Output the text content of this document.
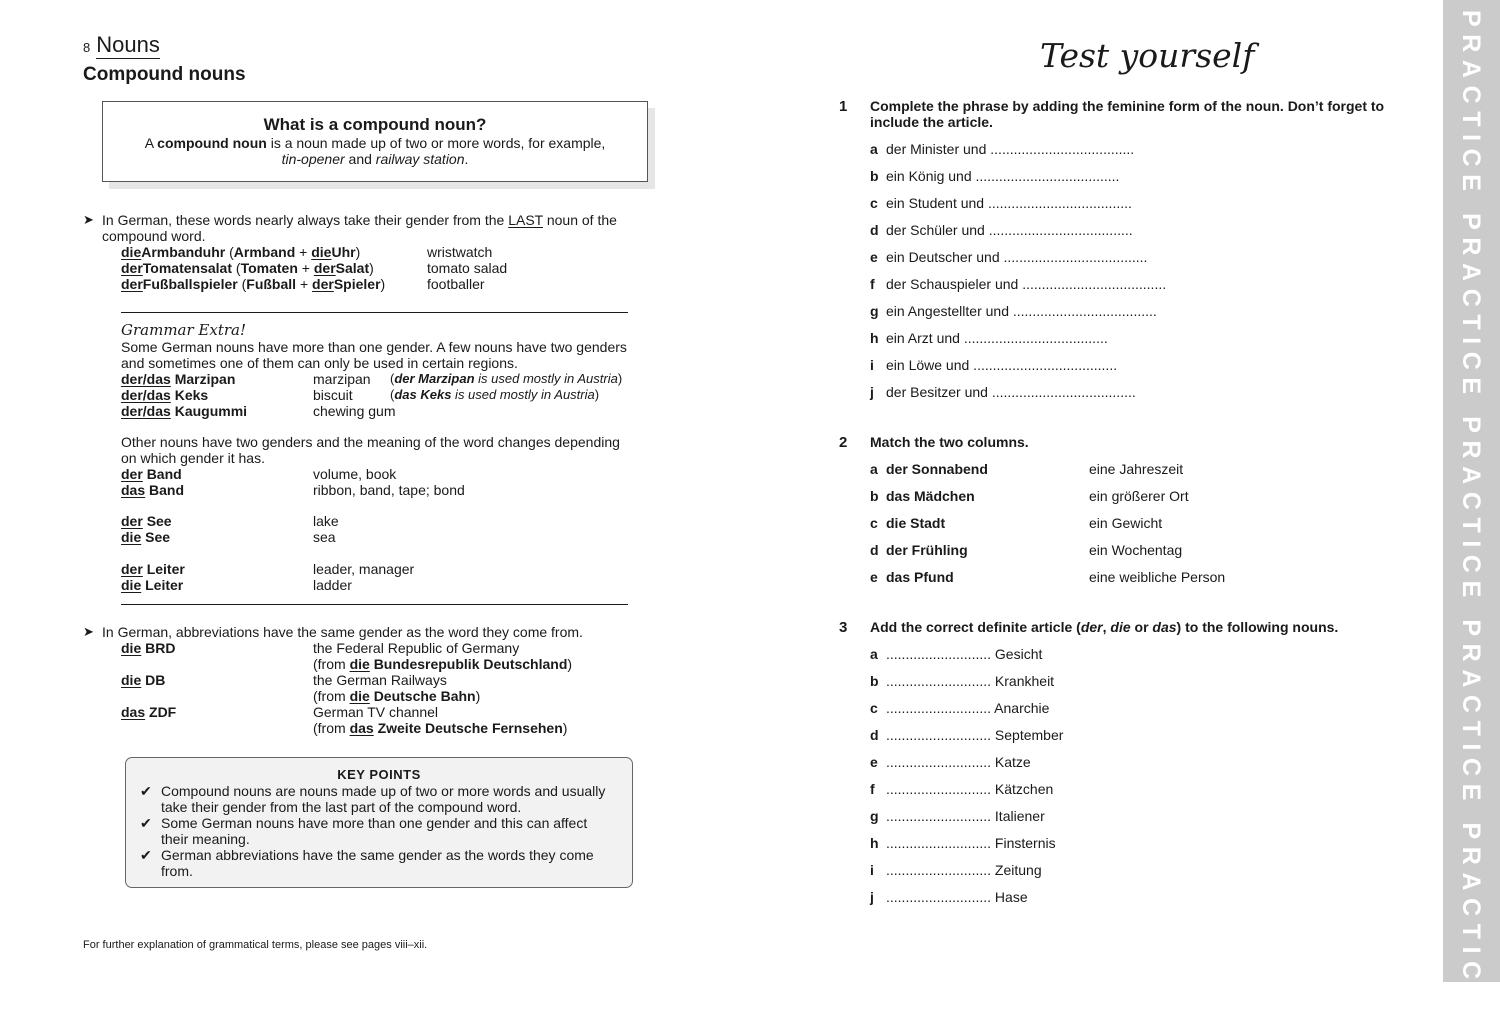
8 Nouns
Compound nouns
What is a compound noun?
A compound noun is a noun made up of two or more words, for example,
tin-opener and railway station.
➤ In German, these words nearly always take their gender from the LAST noun of the
compound word.
dieArmbanduhr (Armband + dieUhr)	wristwatch
derTomatensalat (Tomaten + derSalat)	tomato salad
derFußballspieler (Fußball + derSpieler)	footballer
Grammar Extra!
Some German nouns have more than one gender. A few nouns have two genders
and sometimes one of them can only be used in certain regions.
der/das Marzipan	marzipan (der Marzipan is used mostly in Austria)
der/das Keks	biscuit	(das Keks is used mostly in Austria)
der/das Kaugummi	chewing gum
Other nouns have two genders and the meaning of the word changes depending
on which gender it has.
der Band	volume, book
das Band	ribbon, band, tape; bond
der See	lake
die See	sea
der Leiter	leader, manager
die Leiter	ladder
➤ In German, abbreviations have the same gender as the word they come from.
die BRD	the Federal Republic of Germany
(from die Bundesrepublik Deutschland)
die DB	the German Railways
(from die Deutsche Bahn)
das ZDF	German TV channel
(from das Zweite Deutsche Fernsehen)
KEY POINTS
✔ Compound nouns are nouns made up of two or more words and usually
take their gender from the last part of the compound word.
✔ Some German nouns have more than one gender and this can affect
their meaning.
✔ German abbreviations have the same gender as the words they come
from.
For further explanation of grammatical terms, please see pages viii–xii.
Test yourself
1 Complete the phrase by adding the feminine form of the noun. Don’t forget to
include the article.
a der Minister und .....................................
b ein König und .....................................
c ein Student und .....................................
d der Schüler und .....................................
e ein Deutscher und .....................................
f der Schauspieler und .....................................
g ein Angestellter und .....................................
h ein Arzt und .....................................
i ein Löwe und .....................................
j der Besitzer und .....................................
2 Match the two columns.
a der Sonnabend	eine Jahreszeit
b das Mädchen	ein größerer Ort
c die Stadt	ein Gewicht
d der Frühling	ein Wochentag
e das Pfund	eine weibliche Person
3 Add the correct definite article (der, die or das) to the following nouns.
a ........................... Gesicht
b ........................... Krankheit
c ........................... Anarchie
d ........................... September
e ........................... Katze
f ........................... Kätzchen
g ........................... Italiener
h ........................... Finsternis
i ........................... Zeitung
j ........................... Hase	PRACTICE PRACTICE PRACTICE PRACTICE PRACTICE
